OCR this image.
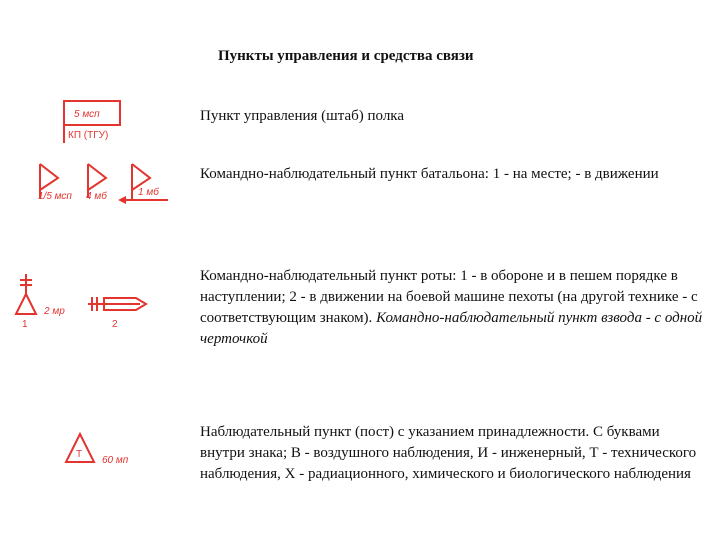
Пункты управления и средства связи
5 мсп
КП (ТГУ)
Пункт управления (штаб) полка
1/5 мсп 4 мб	1 мб
Командно-наблюдательный пункт батальона: 1 - на месте; - в движении
2 мр
1	2
Командно-наблюдательный пункт роты: 1 - в обороне и в пешем порядке в наступлении; 2 - в движении на боевой машине пехоты (на другой технике - с соответствующим знаком). Командно-наблюдательный пункт взвода - с одной черточкой
Т
60 мп
Наблюдательный пункт (пост) с указанием принадлежности. С буквами внутри знака; В - воздушного наблюдения, И - инженерный, Т - технического наблюдения, Х - радиационного, химического и биологического наблюдения
